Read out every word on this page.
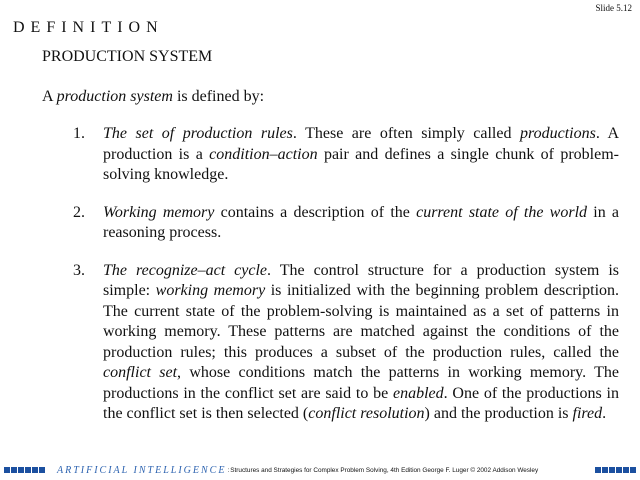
Slide 5.12
DEFINITION
PRODUCTION SYSTEM

A production system is defined by:

1. The set of production rules. These are often simply called productions. A production is a condition–action pair and defines a single chunk of problem-solving knowledge.
2. Working memory contains a description of the current state of the world in a reasoning process.
3. The recognize–act cycle. The control structure for a production system is simple: working memory is initialized with the beginning problem description. The current state of the problem-solving is maintained as a set of patterns in working memory. These patterns are matched against the conditions of the production rules; this produces a subset of the production rules, called the conflict set, whose conditions match the patterns in working memory. The productions in the conflict set are said to be enabled. One of the productions in the conflict set is then selected (conflict resolution) and the production is fired.
ARTIFICIAL INTELLIGENCE : Structures and Strategies for Complex Problem Solving, 4th Edition George F. Luger © 2002 Addison Wesley
